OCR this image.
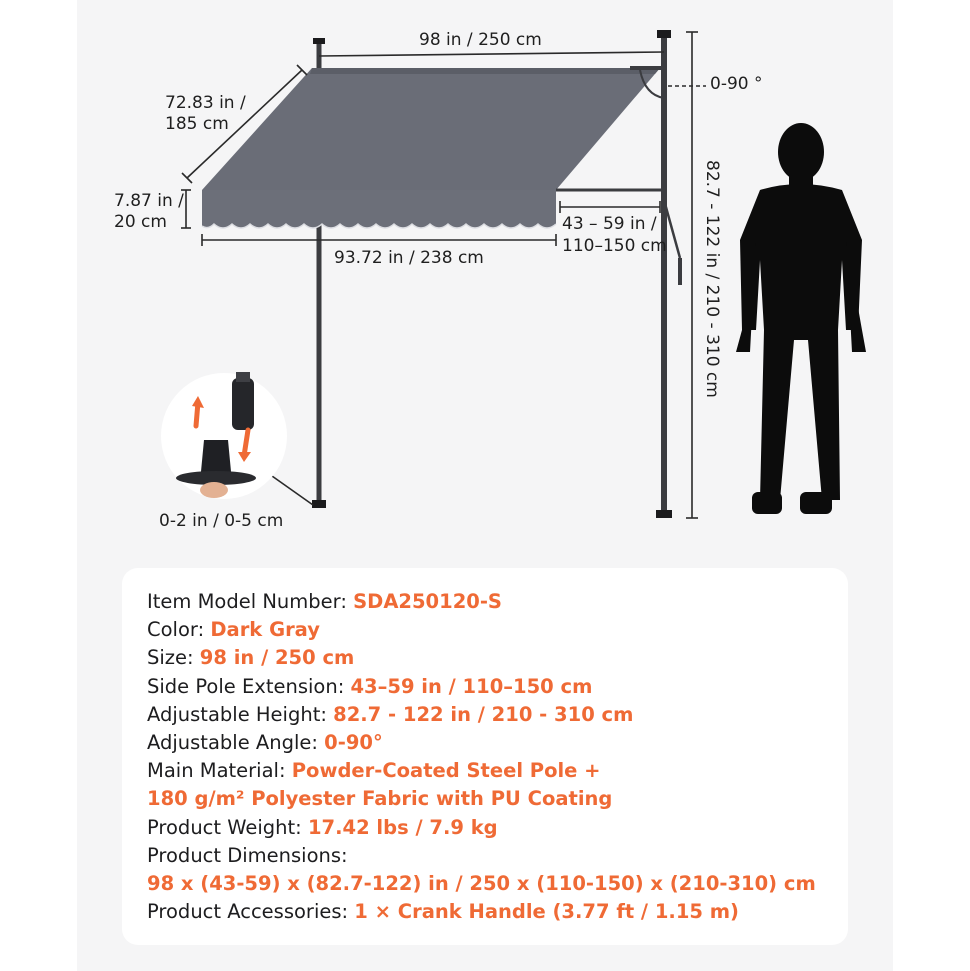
98 in / 250 cm
72.83 in /
185 cm
7.87 in /
20 cm
93.72 in / 238 cm
43 – 59 in /
110–150 cm
0-90 °
82.7 - 122 in / 210 - 310 cm
0-2 in / 0-5 cm
Item Model Number: SDA250120-S
Color: Dark Gray
Size: 98 in / 250 cm
Side Pole Extension: 43–59 in / 110–150 cm
Adjustable Height: 82.7 - 122 in / 210 - 310 cm
Adjustable Angle: 0-90°
Main Material: Powder-Coated Steel Pole +
180 g/m² Polyester Fabric with PU Coating
Product Weight: 17.42 lbs / 7.9 kg
Product Dimensions:
98 x (43-59) x (82.7-122) in / 250 x (110-150) x (210-310) cm
Product Accessories: 1 × Crank Handle (3.77 ft / 1.15 m)
